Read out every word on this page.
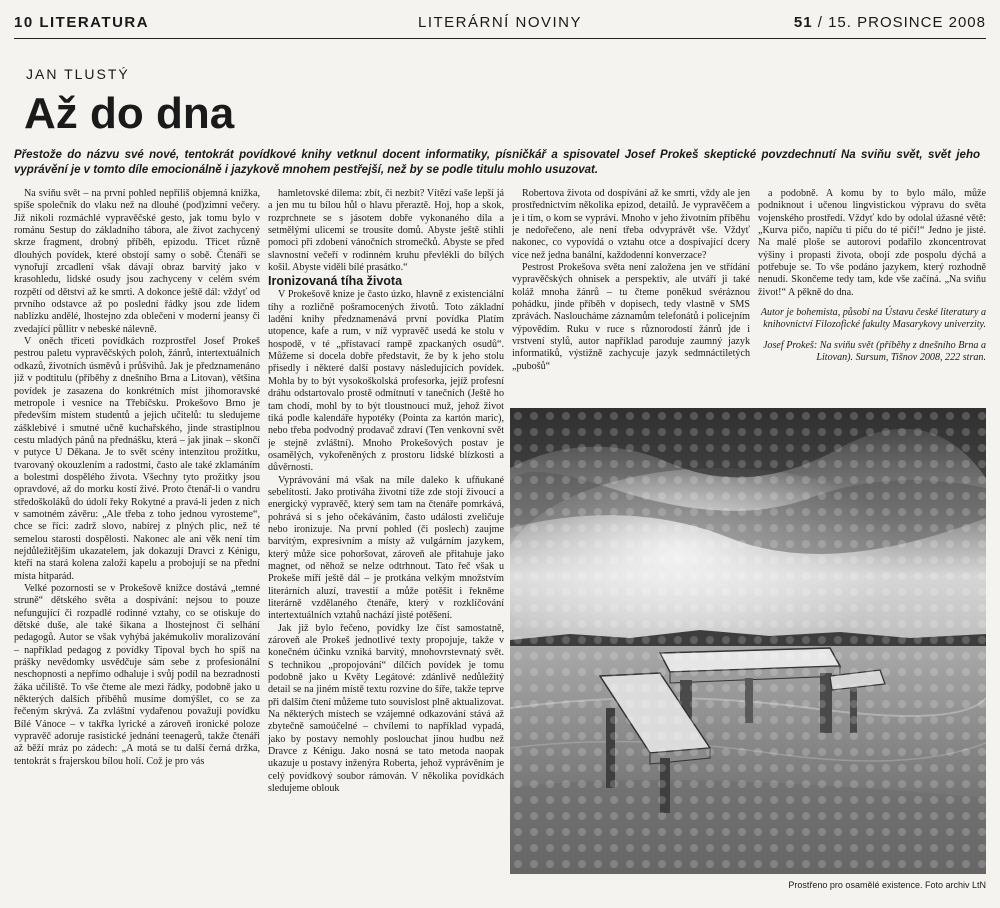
10 LITERATURA	LITERÁRNÍ NOVINY	51 / 15. PROSINCE 2008
JAN TLUSTÝ
Až do dna

Přestože do názvu své nové, tentokrát povídkové knihy vetknul docent informatiky, písničkář a spisovatel Josef Prokeš skeptické povzdechnutí Na sviňu svět, svět jeho vyprávění je v tomto díle emocionálně i jazykově mnohem pestřejší, než by se podle titulu mohlo usuzovat.

Na sviňu svět – na první pohled nepříliš objemná knížka, spíše společník do vlaku než na dlouhé (pod)zimní večery. Již nikoli rozmáchlé vypravěčské gesto, jak tomu bylo v románu Sestup do základního tábora, ale život zachycený skrze fragment, drobný příběh, epizodu. Třicet různě dlouhých povídek, které obstojí samy o sobě. Čtenáři se vynořují zrcadlení však dávají obraz barvitý jako v krasohledu, lidské osudy jsou zachyceny v celém svém rozpětí od dětství až ke smrti. A dokonce ještě dál: vždyť od prvního odstavce až po poslední řádky jsou zde lidem nablízku andělé, lhostejno zda oblečeni v moderní jeansy či zvedající půllitr v nebeské nálevně.

V oněch třiceti povídkách rozprostřel Josef Prokeš pestrou paletu vypravěčských poloh, žánrů, intertextuálních odkazů, životních úsměvů i průšvihů. Jak je předznamenáno již v podtitulu (příběhy z dnešního Brna a Litovan), většina povídek je zasazena do konkrétních míst jihomoravské metropole i vesnice na Třebíčsku. Prokešovo Brno je především místem studentů a jejich učitelů: tu sledujeme zášklebivé i smutné učně kuchařského, jinde strastiplnou cestu mladých pánů na přednášku, která – jak jinak – skončí v putyce U Děkana. Je to svět scény intenzitou prožitku, tvarovaný okouzlením a radostmi, často ale také zklamáním a bolestmi dospělého života. Všechny tyto prožitky jsou opravdové, až do morku kostí živé. Proto čtenář-li o vandru středoškoláků do údolí řeky Rokytné a pravá-li jeden z nich v samotném závěru: „Ale třeba z toho jednou vyrosteme“, chce se říci: zadrž slovo, nabírej z plných plic, než té semelou starosti dospělosti. Nakonec ale ani věk není tím nejdůležitějším ukazatelem, jak dokazují Dravci z Kénigu, kteří na stará kolena založí kapelu a probojují se na přední místa hitparád.

Velké pozornosti se v Prokešově knížce dostává „temné struně“ dětského světa a dospívání: nejsou to pouze nefungující či rozpadlé rodinné vztahy, co se otiskuje do dětské duše, ale také šikana a lhostejnost či selhání pedagogů. Autor se však vyhýbá jakémukoliv moralizování – například pedagog z povídky Tipoval bych ho spíš na prášky nevědomky usvědčuje sám sebe z profesionální neschopnosti a nepřímo odhaluje i svůj podíl na bezradnosti žáka učiliště. To vše čteme ale mezi řádky, podobně jako u některých dalších příběhů musíme domýšlet, co se za řečeným skrývá. Za zvláštní vydařenou považuji povídku Bílé Vánoce – v takřka lyrické a zároveň ironické poloze vypravěč adoruje rasistické jednání teenagerů, takže čtenáři až běží mráz po zádech: „A motá se tu další černá držka, tentokrát s frajerskou bílou holí. Což je pro vás

hamletovské dilema: zbít, či nezbít? Vítězí vaše lepší já a jen mu tu bílou hůl o hlavu přeraztě. Hoj, hop a skok, rozprchnete se s jásotem dobře vykonaného díla a setmělými ulicemi se trousíte domů. Abyste ještě stihli pomoci při zdobení vánočních stromečků. Abyste se před slavnostní večeří v rodinném kruhu převlékli do bílých košil. Abyste viděli bílé prasátko.“

Ironizovaná tíha života

V Prokešově knize je často úzko, hlavně z existenciální tíhy a rozličně pošramocených životů. Toto základní ladění knihy předznamenává první povídka Platím utopence, kafe a rum, v níž vypravěč usedá ke stolu v hospodě, v té „přístavací rampě zpackaných osudů“. Můžeme si docela dobře představit, že by k jeho stolu přisedly i některé další postavy následujících povídek. Mohla by to být vysokoškolská profesorka, jejíž profesní dráhu odstartovalo prostě odmítnutí v tanečních (Ještě ho tam chodí, mohl by to být tloustnoucí muž, jehož život tiká podle kalendáře hypotéky (Pointa za kartón maric), nebo třeba podvodný prodavač zdraví (Ten venkovní svět je stejně zvláštní). Mnoho Prokešových postav je osamělých, vykořeněných z prostoru lidské blízkosti a důvěrnosti.

Vyprávování má však na míle daleko k ufňukané sebelítosti. Jako protiváha životní tíže zde stojí živoucí a energický vypravěč, který sem tam na čtenáře pomrkává, pohrává si s jeho očekáváním, často události zveličuje nebo ironizuje. Na první pohled (či poslech) zaujme barvitým, expresivním a místy až vulgárním jazykem, který může sice pohoršovat, zároveň ale přitahuje jako magnet, od něhož se nelze odtrhnout. Tato řeč však u Prokeše míří ještě dál – je protkána velkým množstvím literárních aluzí, travestií a může potěšit i řekněme literárně vzdělaného čtenáře, který v rozklíčování intertextuálních vztahů nachází jisté potěšení.

Jak již bylo řečeno, povídky lze číst samostatně, zároveň ale Prokeš jednotlivé texty propojuje, takže v konečném účinku vzniká barvitý, mnohovrstevnatý svět. S technikou „propojování“ dílčích povídek je tomu podobně jako u Květy Legátové: zdánlivě nedůležitý detail se na jiném místě textu rozvine do šíře, takže teprve při dalším čtení můžeme tuto souvislost plně aktualizovat. Na některých místech se vzájemné odkazování stává až zbytečně samoúčelné – chvílemi to například vypadá, jako by postavy nemohly poslouchat jinou hudbu než Dravce z Kénigu. Jako nosná se tato metoda naopak ukazuje u postavy inženýra Roberta, jehož vyprávěním je celý povídkový soubor rámován. V několika povídkách sledujeme oblouk

Robertova života od dospívání až ke smrti, vždy ale jen prostřednictvím několika epizod, detailů. Je vypravěčem a je i tím, o kom se vypráví. Mnoho v jeho životním příběhu je nedořečeno, ale není třeba odvyprávět vše. Vždyť nakonec, co vypovídá o vztahu otce a dospívající dcery více než jedna banální, každodenní konverzace?

Pestrost Prokešova světa není založena jen ve střídání vypravěčských ohnisek a perspektiv, ale utváří ji také koláž mnoha žánrů – tu čteme poněkud svéráznou pohádku, jinde příběh v dopisech, tedy vlastně v SMS zprávách. Nasloucháme záznamům telefonátů i policejním výpovědím. Ruku v ruce s různorodostí žánrů jde i vrstvení stylů, autor například paroduje zaumný jazyk informatiků, výstižně zachycuje jazyk sedmnáctiletých „pubošů“

a podobně. A komu by to bylo málo, může podniknout i učenou lingvistickou výpravu do světa vojenského prostředí. Vždyť kdo by odolal úžasné větě: „Kurva pičo, napíču ti píču do té pičí!“ Jedno je jisté. Na malé ploše se autorovi podařilo zkoncentrovat výšiny i propasti života, obojí zde pospolu dýchá a potřebuje se. To vše podáno jazykem, který rozhodně nenudí. Skončeme tedy tam, kde vše začíná. „Na sviňu život!“ A pěkně do dna.

Autor je bohemista, působí na Ústavu české literatury a knihovnictví Filozofické fakulty Masarykovy univerzity.

Josef Prokeš: Na sviňu svět (příběhy z dnešního Brna a Litovan). Sursum, Tišnov 2008, 222 stran.

Prostřeno pro osamělé existence. Foto archiv LtN
